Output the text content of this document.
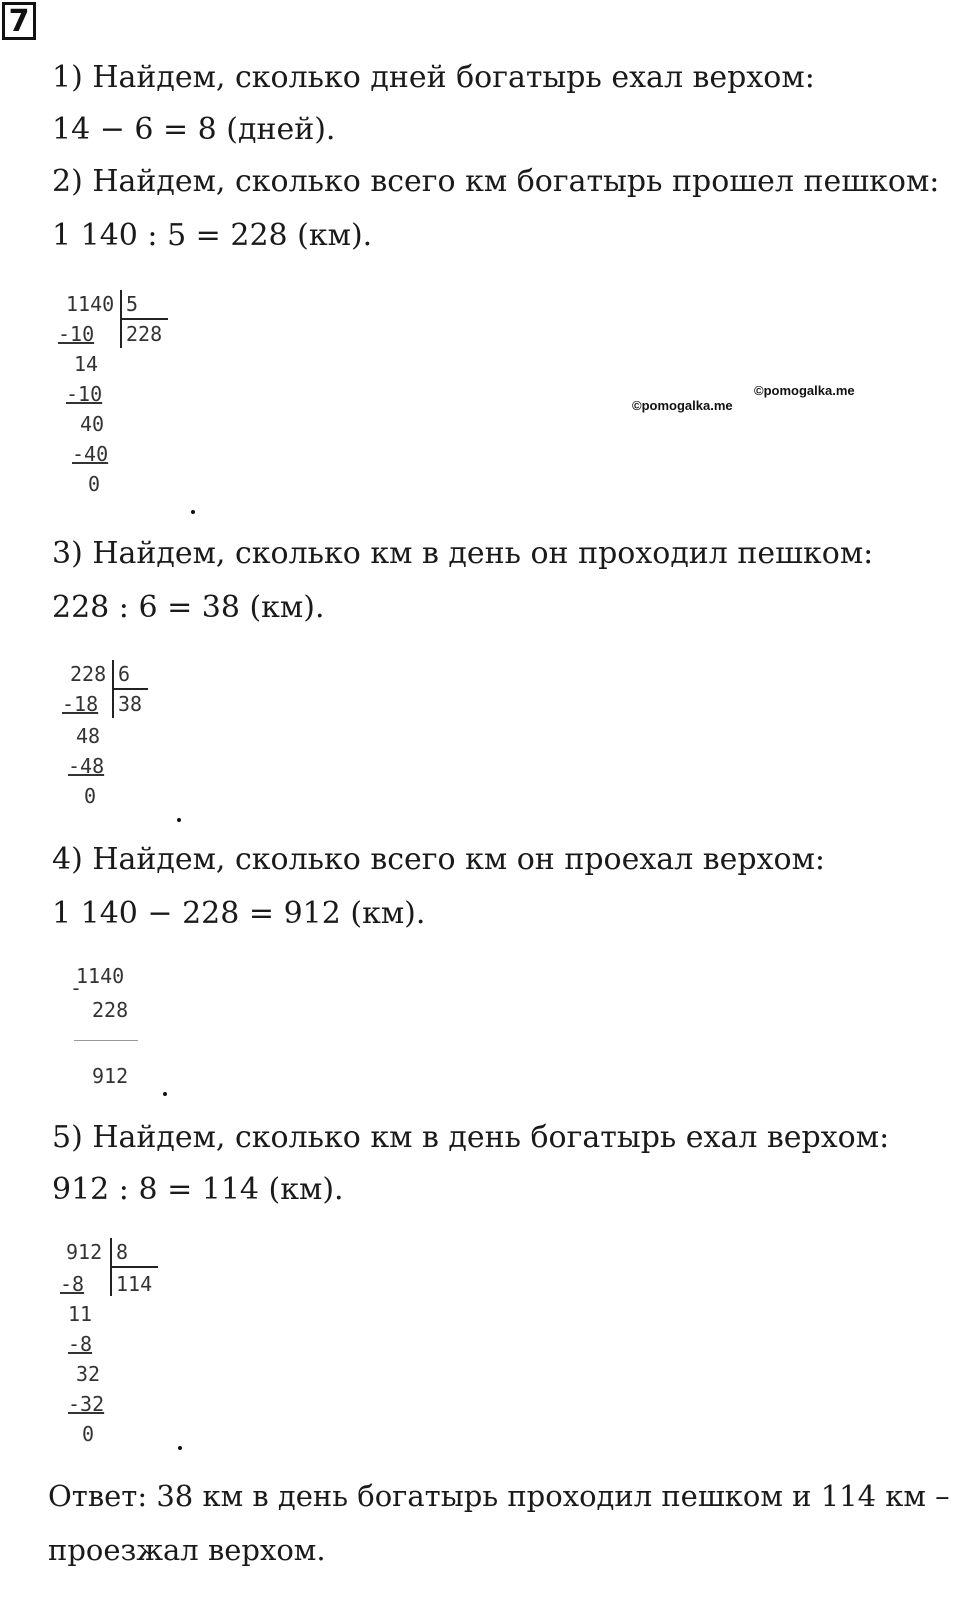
7
1) Найдем, сколько дней богатырь ехал верхом:
14 − 6 = 8 (дней).
2) Найдем, сколько всего км богатырь прошел пешком:
1 140 : 5 = 228 (км).
1140 5
228
-10
14
-10
40
-40
0
©pomogalka.me
©pomogalka.me
3) Найдем, сколько км в день он проходил пешком:
228 : 6 = 38 (км).
228 6
38
-18
48
-48
0
4) Найдем, сколько всего км он проехал верхом:
1 140 − 228 = 912 (км).
1140
-
228
912
5) Найдем, сколько км в день богатырь ехал верхом:
912 : 8 = 114 (км).
912 8
114
-8
11
-8
32
-32
0
Ответ: 38 км в день богатырь проходил пешком и 114 км –
проезжал верхом.
